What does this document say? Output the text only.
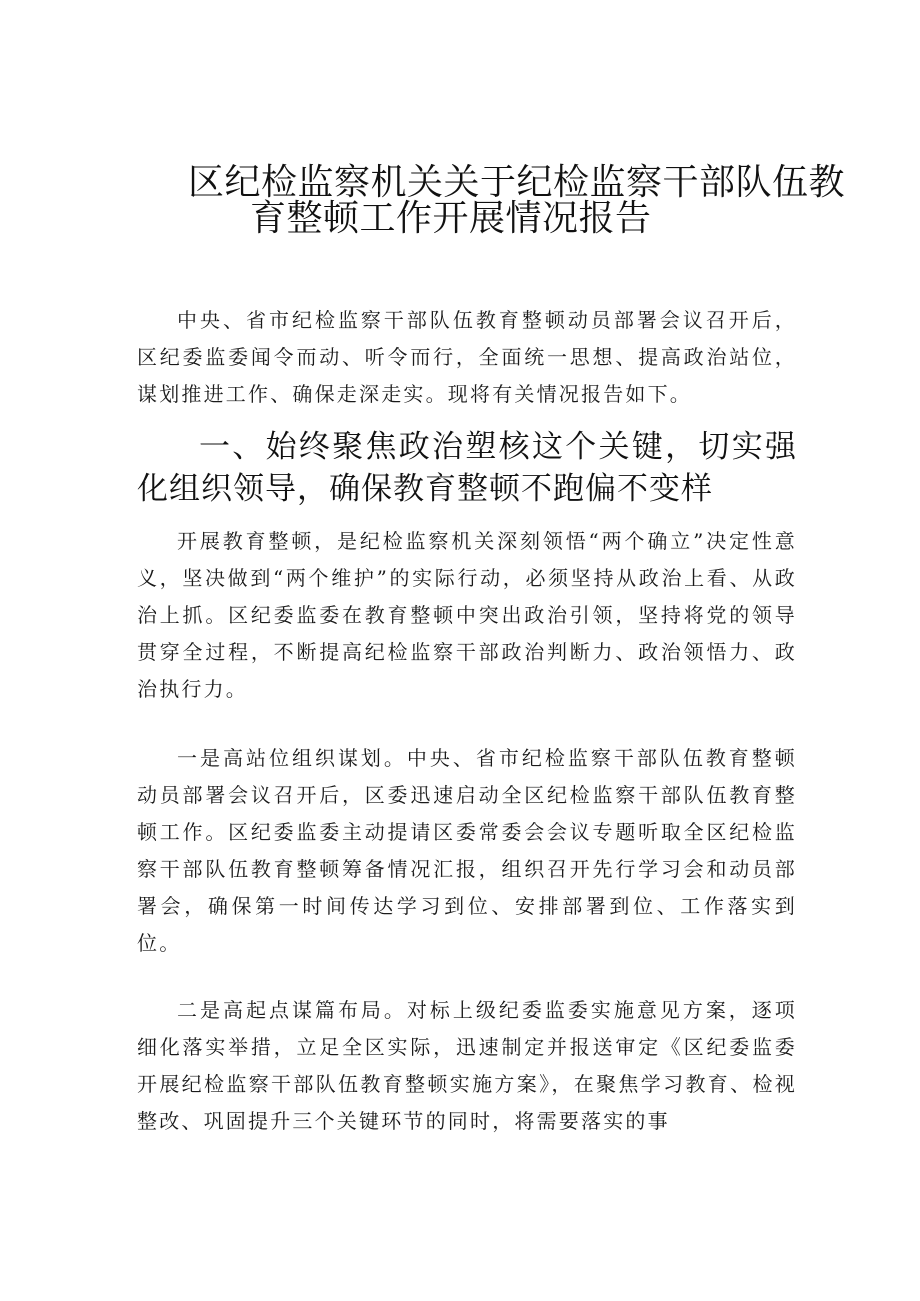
区纪检监察机关关于纪检监察干部队伍教
育整顿工作开展情况报告

中央、省市纪检监察干部队伍教育整顿动员部署会议召开后，区纪委监委闻令而动、听令而行，全面统一思想、提高政治站位，谋划推进工作、确保走深走实。现将有关情况报告如下。

一、始终聚焦政治塑核这个关键，切实强化组织领导，确保教育整顿不跑偏不变样

开展教育整顿，是纪检监察机关深刻领悟“两个确立”决定性意义，坚决做到“两个维护”的实际行动，必须坚持从政治上看、从政治上抓。区纪委监委在教育整顿中突出政治引领，坚持将党的领导贯穿全过程，不断提高纪检监察干部政治判断力、政治领悟力、政治执行力。

一是高站位组织谋划。中央、省市纪检监察干部队伍教育整顿动员部署会议召开后，区委迅速启动全区纪检监察干部队伍教育整顿工作。区纪委监委主动提请区委常委会会议专题听取全区纪检监察干部队伍教育整顿筹备情况汇报，组织召开先行学习会和动员部署会，确保第一时间传达学习到位、安排部署到位、工作落实到位。

二是高起点谋篇布局。对标上级纪委监委实施意见方案，逐项细化落实举措，立足全区实际，迅速制定并报送审定《区纪委监委开展纪检监察干部队伍教育整顿实施方案》，在聚焦学习教育、检视整改、巩固提升三个关键环节的同时，将需要落实的事
